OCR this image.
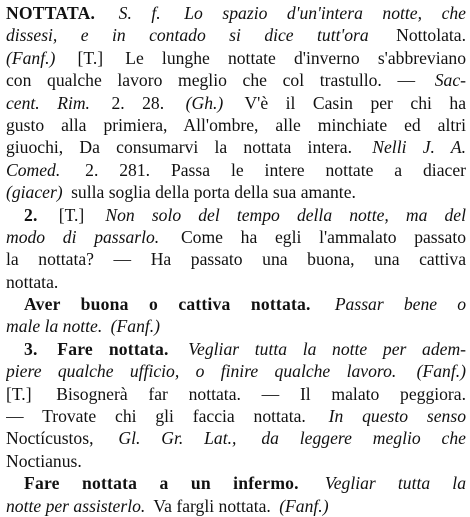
NOTTATA. S. f. Lo spazio d'un'intera notte, che
dissesi, e in contado si dice tutt'ora Nottolata.
(Fanf.) [T.] Le lunghe nottate d'inverno s'abbreviano
con qualche lavoro meglio che col trastullo. — Sac-
cent. Rim. 2. 28. (Gh.) V'è il Casin per chi ha
gusto alla primiera, All'ombre, alle minchiate ed altri
giuochi, Da consumarvi la nottata intera. Nelli J. A.
Comed. 2. 281. Passa le intere nottate a diacer
(giacer) sulla soglia della porta della sua amante.
2. [T.] Non solo del tempo della notte, ma del
modo di passarlo. Come ha egli l'ammalato passato
la nottata? — Ha passato una buona, una cattiva
nottata.
Aver buona o cattiva nottata. Passar bene o
male la notte. (Fanf.)
3. Fare nottata. Vegliar tutta la notte per adem-
piere qualche ufficio, o finire qualche lavoro. (Fanf.)
[T.] Bisognerà far nottata. — Il malato peggiora.
— Trovate chi gli faccia nottata. In questo senso
Noctícustos, Gl. Gr. Lat., da leggere meglio che
Noctianus.
Fare nottata a un infermo. Vegliar tutta la
notte per assisterlo. Va fargli nottata. (Fanf.)
